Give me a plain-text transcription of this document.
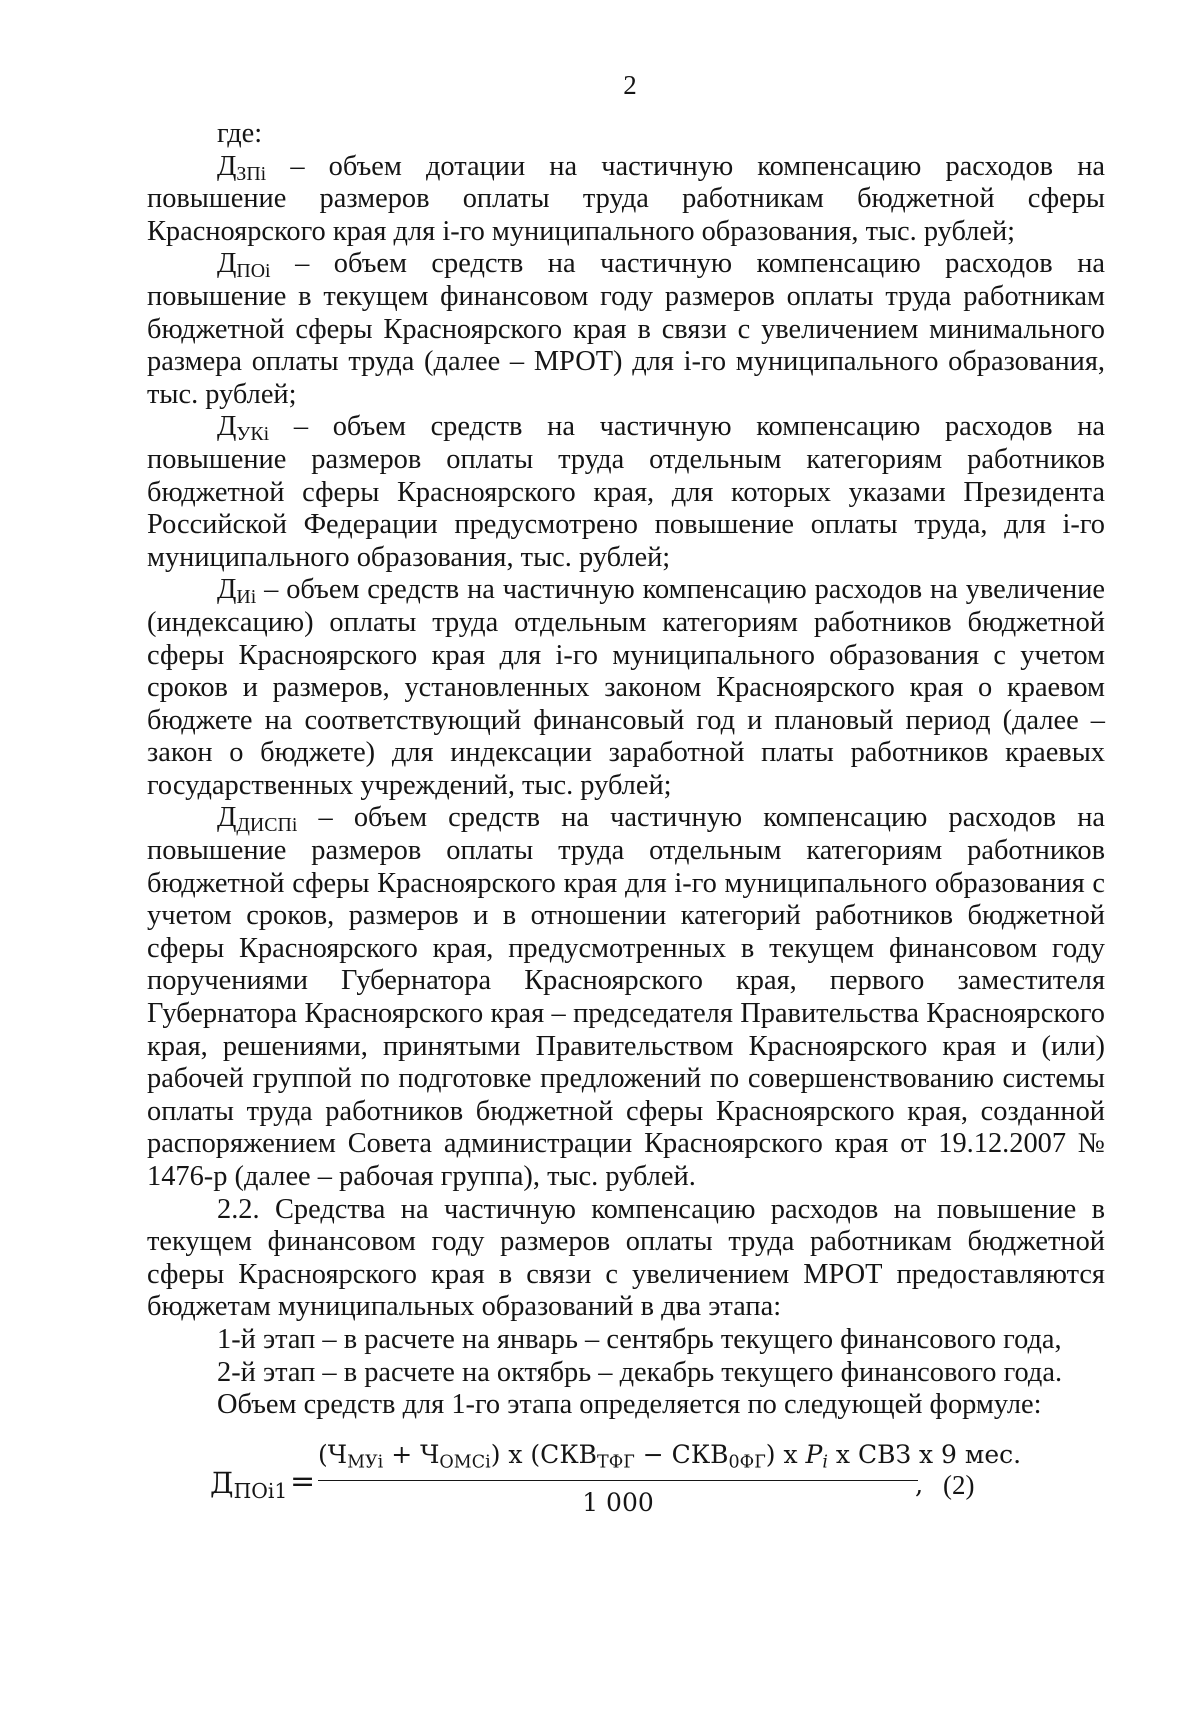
2

где:

$Д_{ЗПi}$ – объем дотации на частичную компенсацию расходов на повышение размеров оплаты труда работникам бюджетной сферы Красноярского края для i-го муниципального образования, тыс. рублей;

$Д_{ПОi}$ – объем средств на частичную компенсацию расходов на повышение в текущем финансовом году размеров оплаты труда работникам бюджетной сферы Красноярского края в связи с увеличением минимального размера оплаты труда (далее – МРОТ) для i-го муниципального образования, тыс. рублей;

$Д_{УКi}$ – объем средств на частичную компенсацию расходов на повышение размеров оплаты труда отдельным категориям работников бюджетной сферы Красноярского края, для которых указами Президента Российской Федерации предусмотрено повышение оплаты труда, для i-го муниципального образования, тыс. рублей;

$Д_{Иi}$ – объем средств на частичную компенсацию расходов на увеличение (индексацию) оплаты труда отдельным категориям работников бюджетной сферы Красноярского края для i-го муниципального образования с учетом сроков и размеров, установленных законом Красноярского края о краевом бюджете на соответствующий финансовый год и плановый период (далее – закон о бюджете) для индексации заработной платы работников краевых государственных учреждений, тыс. рублей;

$Д_{ДИСПi}$ – объем средств на частичную компенсацию расходов на повышение размеров оплаты труда отдельным категориям работников бюджетной сферы Красноярского края для i-го муниципального образования с учетом сроков, размеров и в отношении категорий работников бюджетной сферы Красноярского края, предусмотренных в текущем финансовом году поручениями Губернатора Красноярского края, первого заместителя Губернатора Красноярского края – председателя Правительства Красноярского края, решениями, принятыми Правительством Красноярского края и (или) рабочей группой по подготовке предложений по совершенствованию системы оплаты труда работников бюджетной сферы Красноярского края, созданной распоряжением Совета администрации Красноярского края от 19.12.2007 № 1476-р (далее – рабочая группа), тыс. рублей.

2.2. Средства на частичную компенсацию расходов на повышение в текущем финансовом году размеров оплаты труда работникам бюджетной сферы Красноярского края в связи с увеличением МРОТ предоставляются бюджетам муниципальных образований в два этапа:

1-й этап – в расчете на январь – сентябрь текущего финансового года,

2-й этап – в расчете на октябрь – декабрь текущего финансового года.

Объем средств для 1-го этапа определяется по следующей формуле:

$Д_{ПОi1}$ =
$(Ч_{МУi} + Ч_{ОМСi})$ x $(СКВ_{ТФГ} - СКВ_{0ФГ})$ x $P_i$ x СВЗ x 9 мес.
1 000
, (2)
